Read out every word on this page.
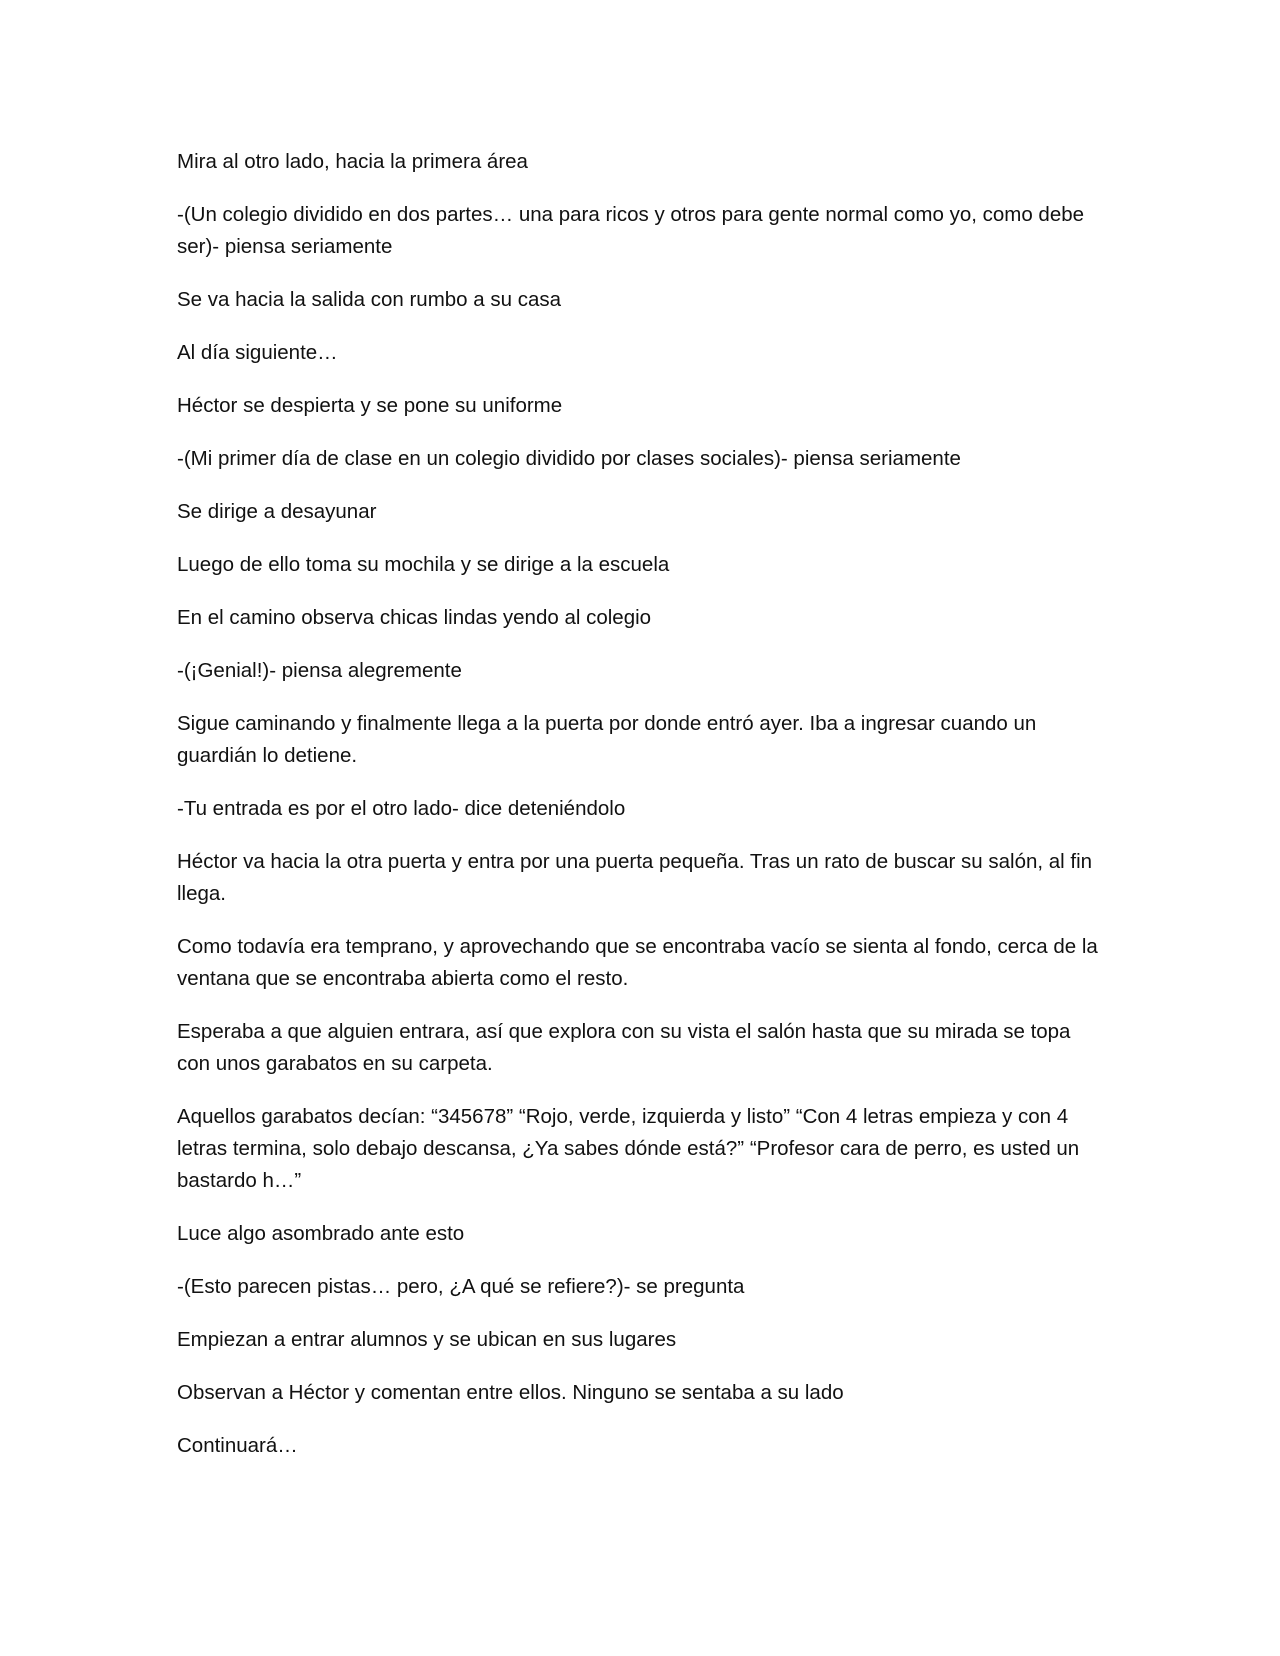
Mira al otro lado, hacia la primera área

-(Un colegio dividido en dos partes… una para ricos y otros para gente normal como yo, como debe ser)- piensa seriamente

Se va hacia la salida con rumbo a su casa

Al día siguiente…

Héctor se despierta y se pone su uniforme

-(Mi primer día de clase en un colegio dividido por clases sociales)- piensa seriamente

Se dirige a desayunar

Luego de ello toma su mochila y se dirige a la escuela

En el camino observa chicas lindas yendo al colegio

-(¡Genial!)- piensa alegremente

Sigue caminando y finalmente llega a la puerta por donde entró ayer. Iba a ingresar cuando un guardián lo detiene.

-Tu entrada es por el otro lado- dice deteniéndolo

Héctor va hacia la otra puerta y entra por una puerta pequeña. Tras un rato de buscar su salón, al fin llega.

Como todavía era temprano, y aprovechando que se encontraba vacío se sienta al fondo, cerca de la ventana que se encontraba abierta como el resto.

Esperaba a que alguien entrara, así que explora con su vista el salón hasta que su mirada se topa con unos garabatos en su carpeta.

Aquellos garabatos decían: “345678” “Rojo, verde, izquierda y listo” “Con 4 letras empieza y con 4 letras termina, solo debajo descansa, ¿Ya sabes dónde está?” “Profesor cara de perro, es usted un bastardo h…”

Luce algo asombrado ante esto

-(Esto parecen pistas… pero, ¿A qué se refiere?)- se pregunta

Empiezan a entrar alumnos y se ubican en sus lugares

Observan a Héctor y comentan entre ellos. Ninguno se sentaba a su lado

Continuará…
